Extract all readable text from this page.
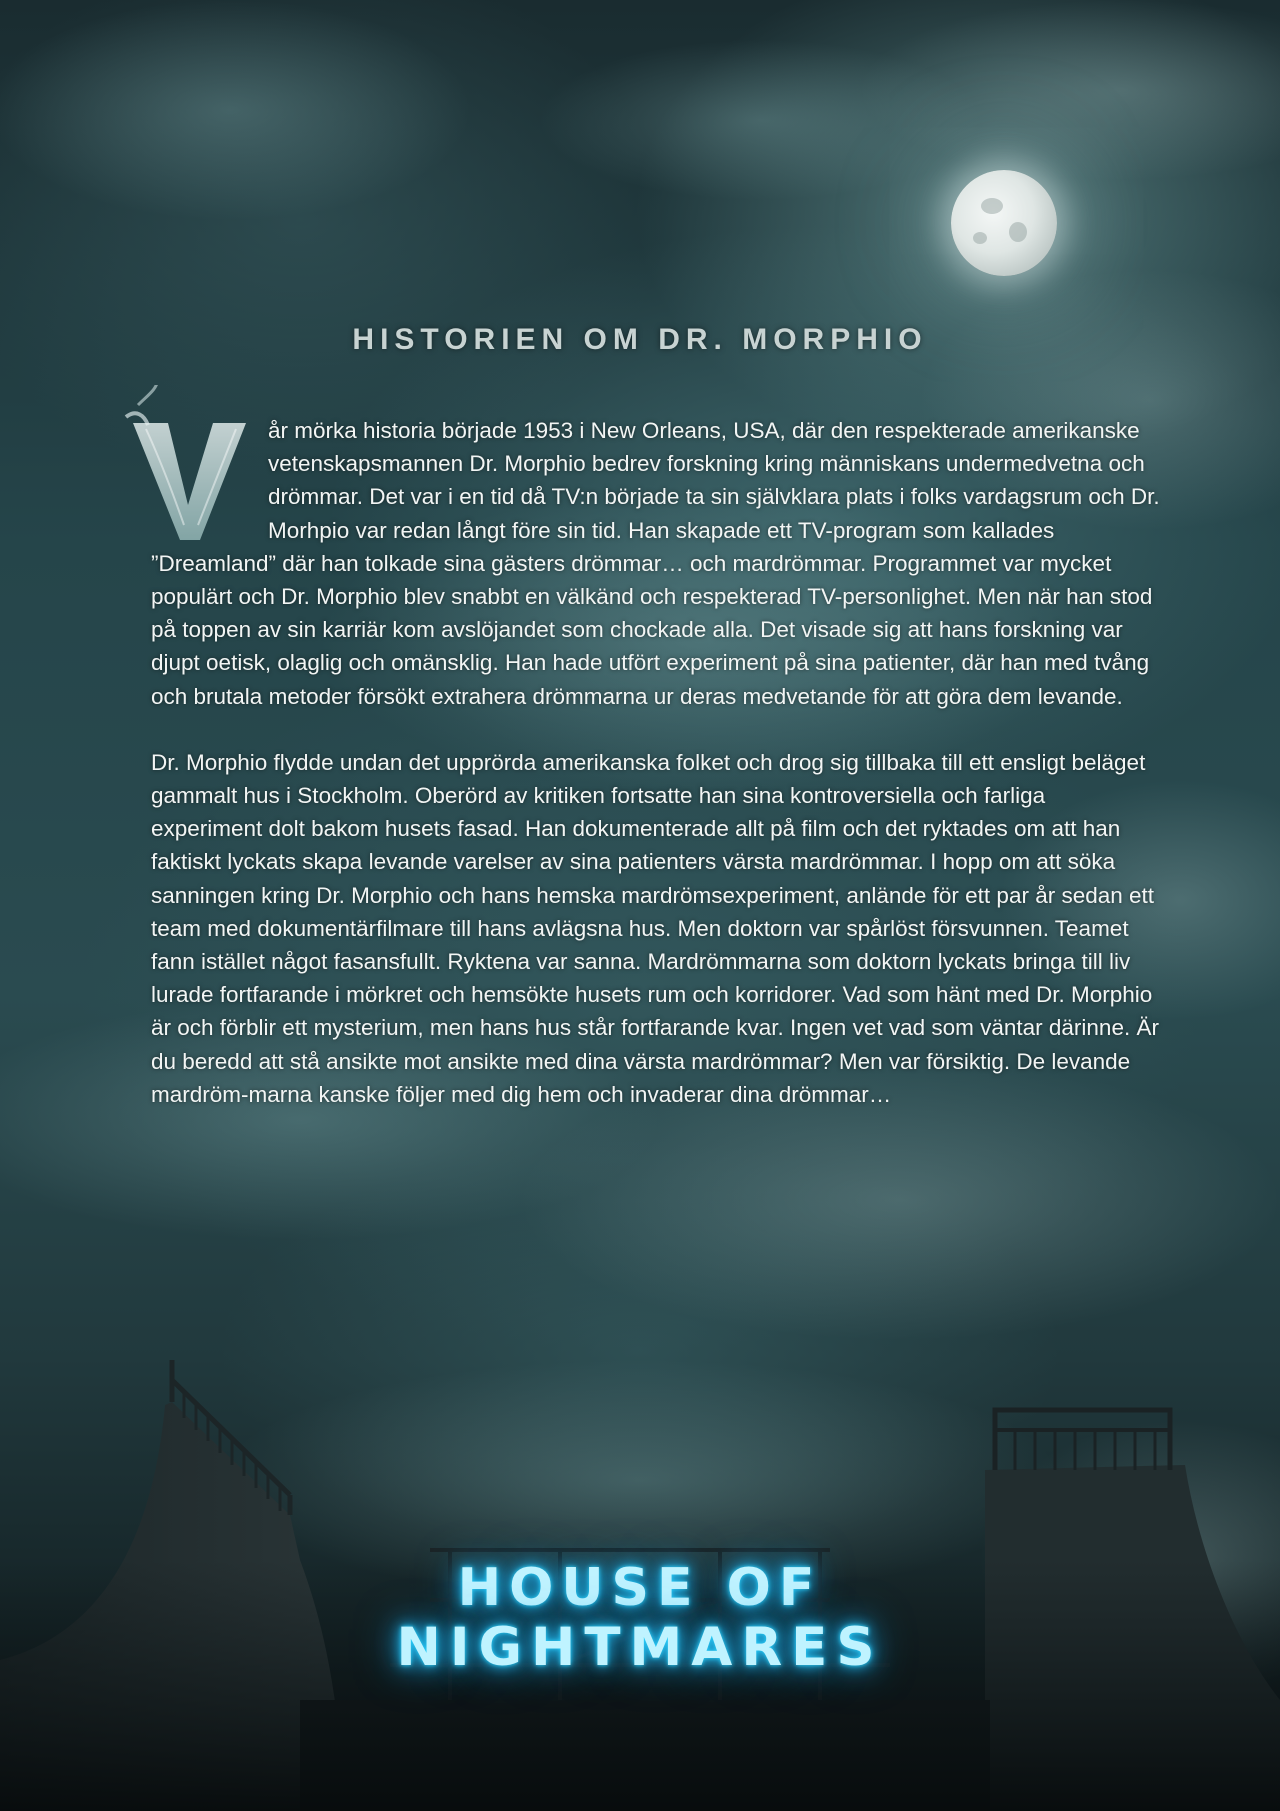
HISTORIEN OM DR. MORPHIO

år mörka historia började 1953 i New Orleans, USA, där den respekterade amerikanske vetenskapsmannen Dr. Morphio bedrev forskning kring människans undermedvetna och drömmar. Det var i en tid då TV:n började ta sin självklara plats i folks vardagsrum och Dr. Morhpio var redan långt före sin tid. Han skapade ett TV-program som kallades ”Dreamland” där han tolkade sina gästers drömmar… och mardrömmar. Programmet var mycket populärt och Dr. Morphio blev snabbt en välkänd och respekterad TV-personlighet. Men när han stod på toppen av sin karriär kom avslöjandet som chockade alla. Det visade sig att hans forskning var djupt oetisk, olaglig och omänsklig. Han hade utfört experiment på sina patienter, där han med tvång och brutala metoder försökt extrahera drömmarna ur deras medvetande för att göra dem levande.

Dr. Morphio flydde undan det upprörda amerikanska folket och drog sig tillbaka till ett ensligt beläget gammalt hus i Stockholm. Oberörd av kritiken fortsatte han sina kontroversiella och farliga experiment dolt bakom husets fasad. Han dokumenterade allt på film och det ryktades om att han faktiskt lyckats skapa levande varelser av sina patienters värsta mardrömmar. I hopp om att söka sanningen kring Dr. Morphio och hans hemska mardrömsexperiment, anlände för ett par år sedan ett team med dokumentärfilmare till hans avlägsna hus. Men doktorn var spårlöst försvunnen. Teamet fann istället något fasansfullt. Ryktena var sanna. Mardrömmarna som doktorn lyckats bringa till liv lurade fortfarande i mörkret och hemsökte husets rum och korridorer. Vad som hänt med Dr. Morphio är och förblir ett mysterium, men hans hus står fortfarande kvar. Ingen vet vad som väntar därinne. Är du beredd att stå ansikte mot ansikte med dina värsta mardrömmar? Men var försiktig. De levande mardröm-marna kanske följer med dig hem och invaderar dina drömmar…

HOUSE OF
NIGHTMARES
